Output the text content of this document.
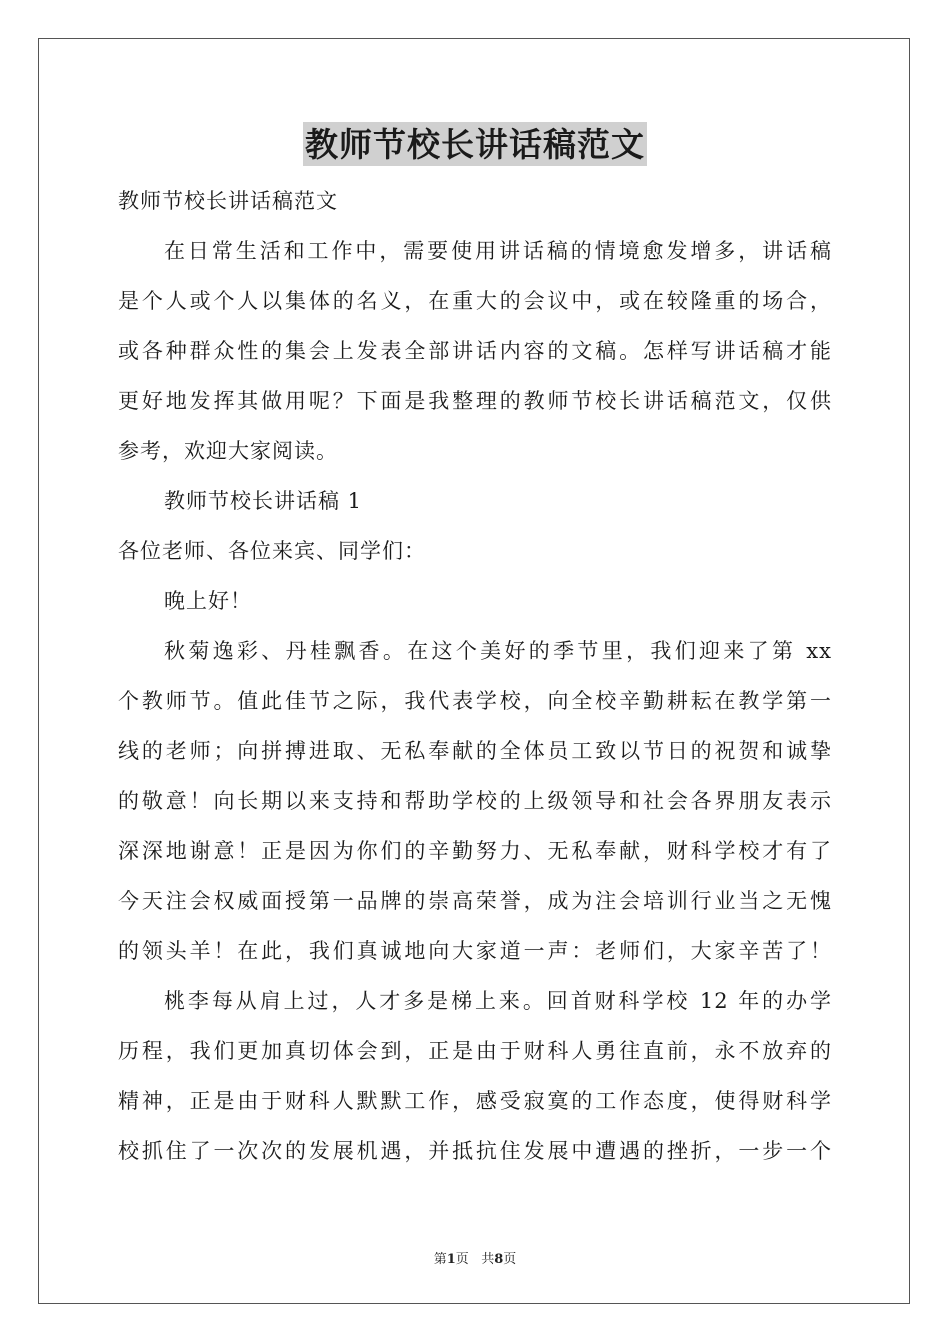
教师节校长讲话稿范文
教师节校长讲话稿范文
在日常生活和工作中，需要使用讲话稿的情境愈发增多，讲话稿
是个人或个人以集体的名义，在重大的会议中，或在较隆重的场合，
或各种群众性的集会上发表全部讲话内容的文稿。怎样写讲话稿才能
更好地发挥其做用呢？下面是我整理的教师节校长讲话稿范文，仅供
参考，欢迎大家阅读。
教师节校长讲话稿 1
各位老师、各位来宾、同学们：
晚上好！
秋菊逸彩、丹桂飘香。在这个美好的季节里，我们迎来了第 xx
个教师节。值此佳节之际，我代表学校，向全校辛勤耕耘在教学第一
线的老师；向拼搏进取、无私奉献的全体员工致以节日的祝贺和诚挚
的敬意！向长期以来支持和帮助学校的上级领导和社会各界朋友表示
深深地谢意！正是因为你们的辛勤努力、无私奉献，财科学校才有了
今天注会权威面授第一品牌的崇高荣誉，成为注会培训行业当之无愧
的领头羊！在此，我们真诚地向大家道一声：老师们，大家辛苦了！
桃李每从肩上过，人才多是梯上来。回首财科学校 12 年的办学
历程，我们更加真切体会到，正是由于财科人勇往直前，永不放弃的
精神，正是由于财科人默默工作，感受寂寞的工作态度，使得财科学
校抓住了一次次的发展机遇，并抵抗住发展中遭遇的挫折，一步一个
第1页 共8页
